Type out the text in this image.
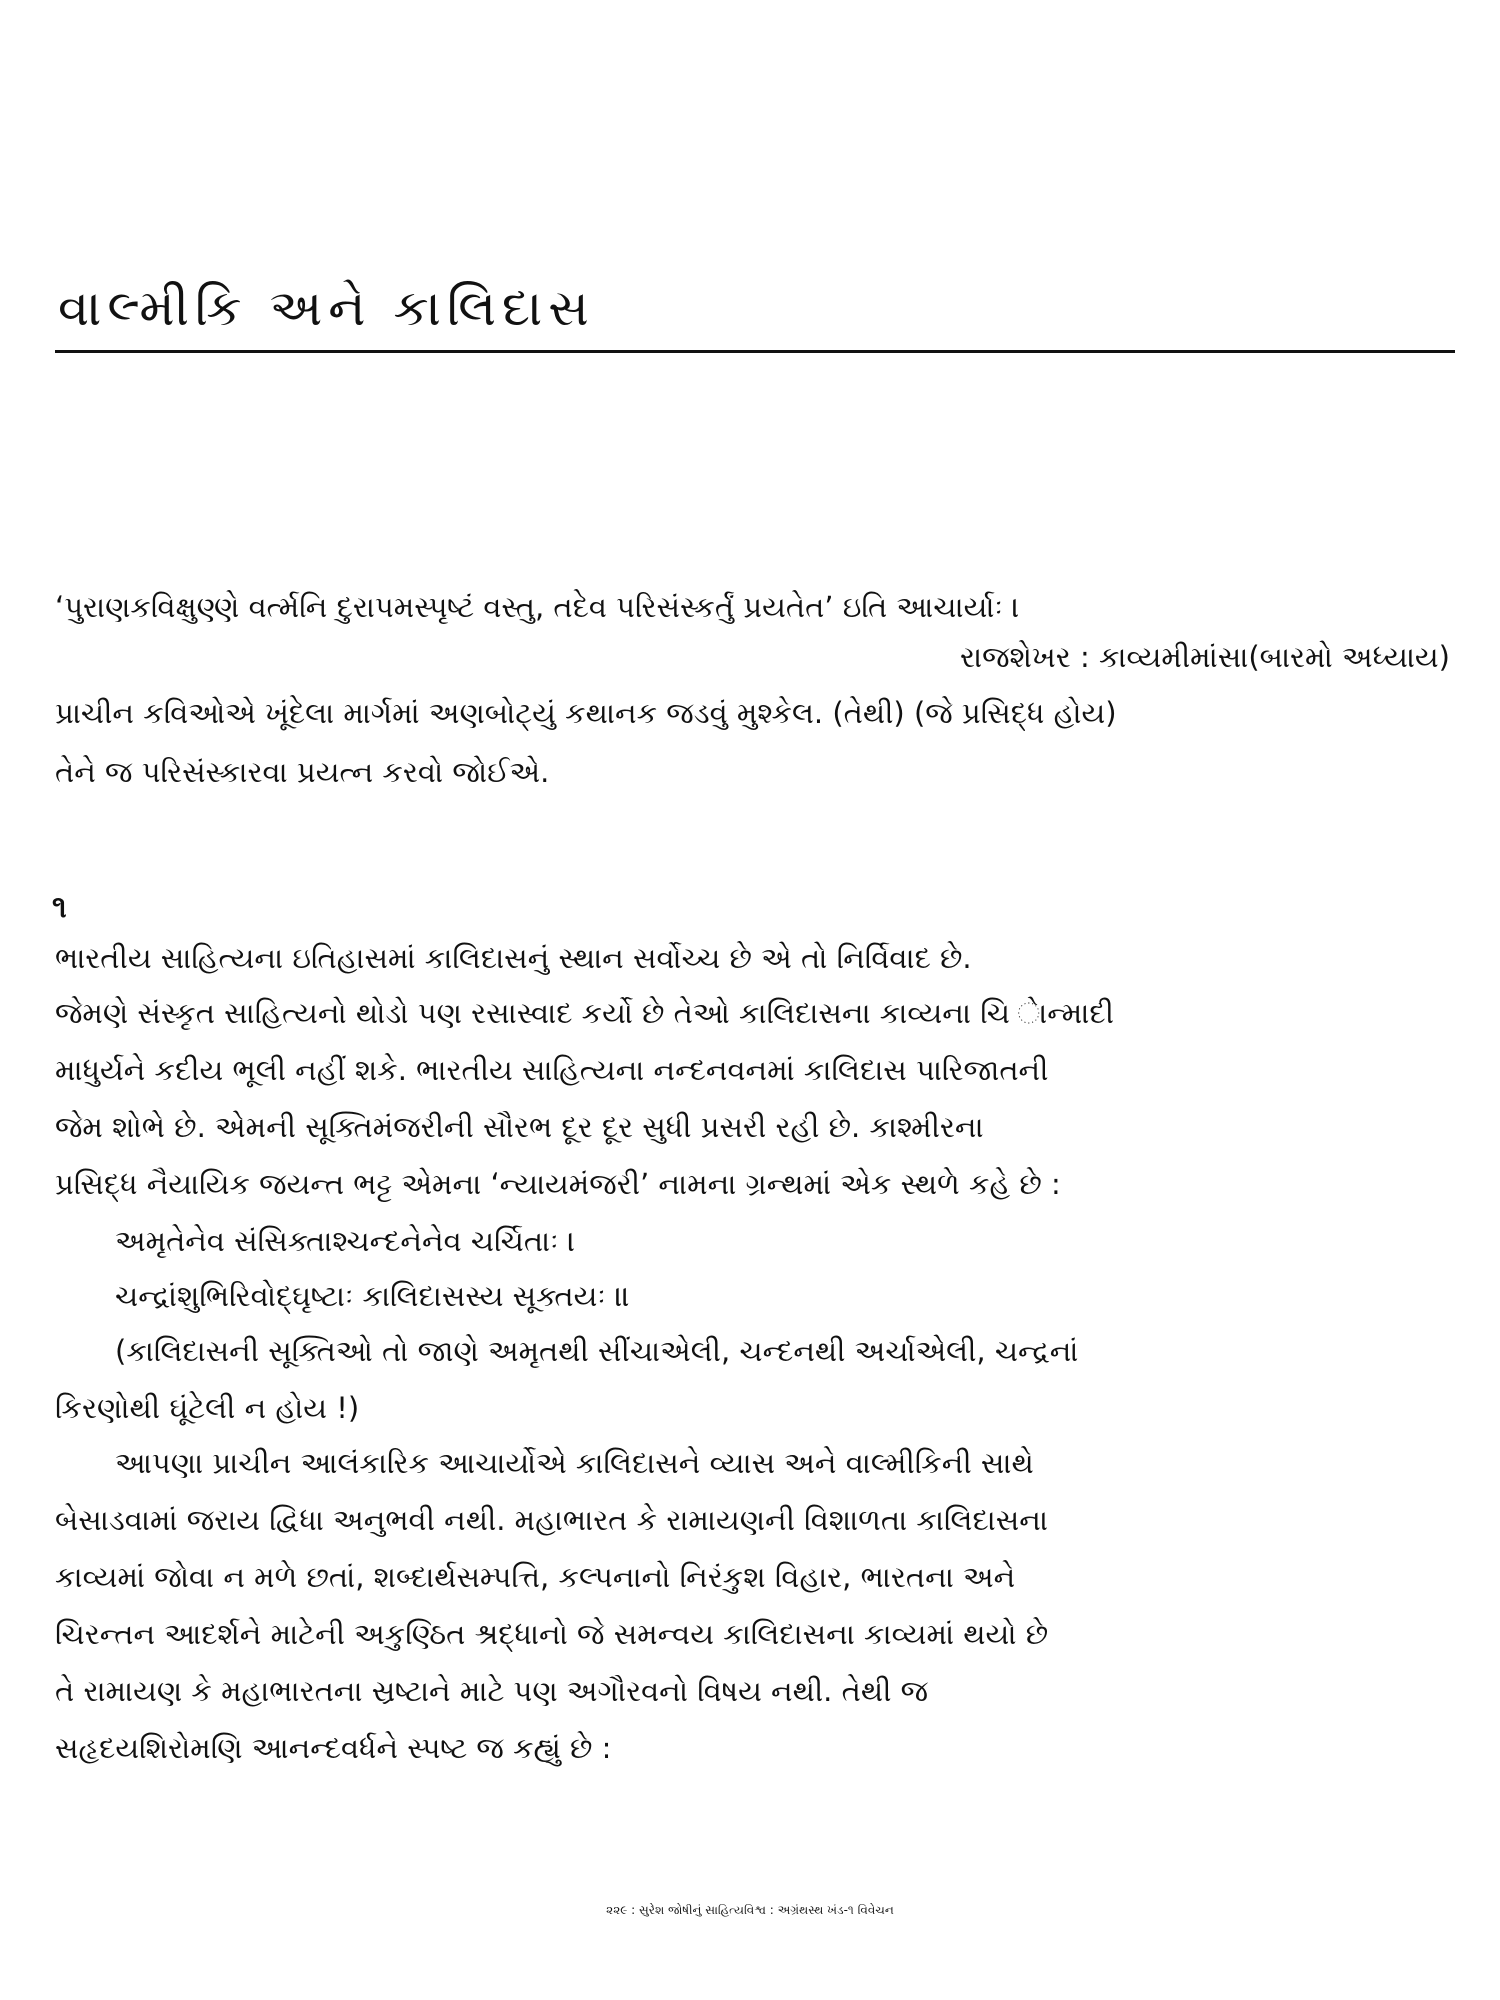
વાલ્મીકિ અને કાલિદાસ
‘પુરાણકવિક્ષુણ્ણે વર્ત્મનિ દુરાપમસ્પૃષ્ટં વસ્તુ, તદેવ પરિસંસ્કર્તું પ્રયતેત’ ઇતિ આચાર્યાઃ ।
રાજશેખર : કાવ્યમીમાંસા(બારમો અધ્યાય)
પ્રાચીન કવિઓએ ખૂંદેલા માર્ગમાં અણબોટ્યું કથાનક જડવું મુશ્કેલ. (તેથી) (જે પ્રસિદ્ધ હોય)
તેને જ પરિસંસ્કારવા પ્રયત્ન કરવો જોઈએ.
૧
ભારતીય સાહિત્યના ઇતિહાસમાં કાલિદાસનું સ્થાન સર્વોચ્ચ છે એ તો નિર્વિવાદ છે.
જેમણે સંસ્કૃત સાહિત્યનો થોડો પણ રસાસ્વાદ કર્યો છે તેઓ કાલિદાસના કાવ્યના ચિ ાેન્માદી
માધુર્યને કદીય ભૂલી નહીં શકે. ભારતીય સાહિત્યના નન્દનવનમાં કાલિદાસ પારિજાતની
જેમ શોભે છે. એમની સૂક્તિમંજરીની સૌરભ દૂર દૂર સુધી પ્રસરી રહી છે. કાશ્મીરના
પ્રસિદ્ધ નૈયાયિક જયન્ત ભટ્ટ એમના ‘ન્યાયમંજરી’ નામના ગ્રન્થમાં એક સ્થળે કહે છે :
અમૃતેનેવ સંસિક્તાશ્ચન્દનેનેવ ચર્ચિતાઃ ।
ચન્દ્રાંશુભિરિવોદ્‌ઘૃષ્ટાઃ કાલિદાસસ્ય સૂક્તયઃ ॥
(કાલિદાસની સૂક્તિઓ તો જાણે અમૃતથી સીંચાએલી, ચન્દનથી અર્ચાએલી, ચન્દ્રનાં
કિરણોથી ઘૂંટેલી ન હોય !)
આપણા પ્રાચીન આલંકારિક આચાર્યોએ કાલિદાસને વ્યાસ અને વાલ્મીકિની સાથે
બેસાડવામાં જરાય દ્વિધા અનુભવી નથી. મહાભારત કે રામાયણની વિશાળતા કાલિદાસના
કાવ્યમાં જોવા ન મળે છતાં, શબ્દાર્થસમ્પત્તિ, કલ્પનાનો નિરંકુશ વિહાર, ભારતના અને
ચિરન્તન આદર્શને માટેની અકુણ્ઠિત શ્રદ્ધાનો જે સમન્વય કાલિદાસના કાવ્યમાં થયો છે
તે રામાયણ કે મહાભારતના સ્રષ્ટાને માટે પણ અગૌરવનો વિષય નથી. તેથી જ
સહૃદયશિરોમણિ આનન્દવર્ધને સ્પષ્ટ જ કહ્યું છે :
૨૨૯ : સુરેશ જોષીનું સાહિત્યવિશ્વ : અગ્રંથસ્થ ખંડ-૧ વિવેચન
